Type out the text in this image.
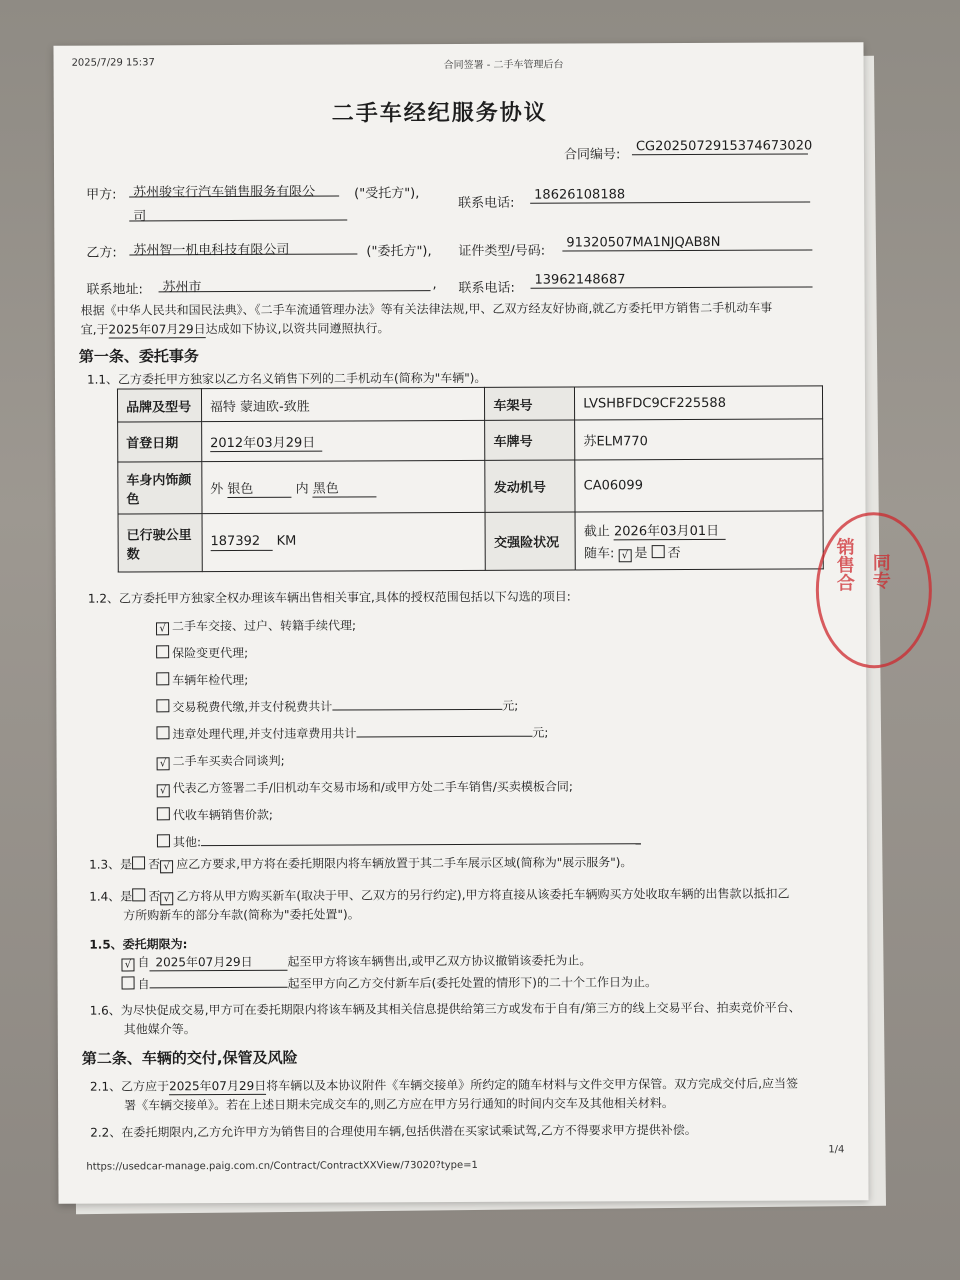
2025/7/29 15:37	合同签署 - 二手车管理后台
二手车经纪服务协议
合同编号:
CG2025072915374673020
甲方:	苏州骏宝行汽车销售服务有限公
司
("受托方"),
联系电话:
18626108188
乙方:	苏州智一机电科技有限公司	("委托方"), 证件类型/号码:
91320507MA1NJQAB8N
联系地址:	苏州市	, 联系电话:
13962148687
根据《中华人民共和国民法典》、《二手车流通管理办法》等有关法律法规,甲、乙双方经友好协商,就乙方委托甲方销售二手机动车事
宜,于2025年07月29日达成如下协议,以资共同遵照执行。
第一条、委托事务
1.1、乙方委托甲方独家以乙方名义销售下列的二手机动车(简称为"车辆")。
品牌及型号	福特 蒙迪欧-致胜	车架号	LVSHBFDC9CF225588
首登日期	2012年03月29日	车牌号	苏ELM770
车身内饰颜色	外 银色 内 黑色	发动机号	CA06099
已行驶公里数	187392 KM	交强险状况	截止 2026年03月01日
随车: √ 是 否
1.2、乙方委托甲方独家全权办理该车辆出售相关事宜,具体的授权范围包括以下勾选的项目:
√ 二手车交接、过户、转籍手续代理;
保险变更代理;
车辆年检代理;
交易税费代缴,并支付税费共计	元;
违章处理代理,并支付违章费用共计	元;
√ 二手车买卖合同谈判;
√ 代表乙方签署二手/旧机动车交易市场和/或甲方处二手车销售/买卖模板合同;
代收车辆销售价款;
其他:
1.3、是 否 √ 应乙方要求,甲方将在委托期限内将车辆放置于其二手车展示区域(简称为"展示服务")。
1.4、是 否 √ 乙方将从甲方购买新车(取决于甲、乙双方的另行约定),甲方将直接从该委托车辆购买方处收取车辆的出售款以抵扣乙
方所购新车的部分车款(简称为"委托处置")。
1.5、委托期限为:
√ 自 2025年07月29日	起至甲方将该车辆售出,或甲乙双方协议撤销该委托为止。
自	起至甲方向乙方交付新车后(委托处置的情形下)的二十个工作日为止。
1.6、为尽快促成交易,甲方可在委托期限内将该车辆及其相关信息提供给第三方或发布于自有/第三方的线上交易平台、拍卖竞价平台、
其他媒介等。
第二条、车辆的交付,保管及风险
2.1、乙方应于2025年07月29日将车辆以及本协议附件《车辆交接单》所约定的随车材料与文件交甲方保管。双方完成交付后,应当签
署《车辆交接单》。若在上述日期未完成交车的,则乙方应在甲方另行通知的时间内交车及其他相关材料。
2.2、在委托期限内,乙方允许甲方为销售目的合理使用车辆,包括供潜在买家试乘试驾,乙方不得要求甲方提供补偿。
1/4
https://usedcar-manage.paig.com.cn/Contract/ContractXXView/73020?type=1
销售合 同专
